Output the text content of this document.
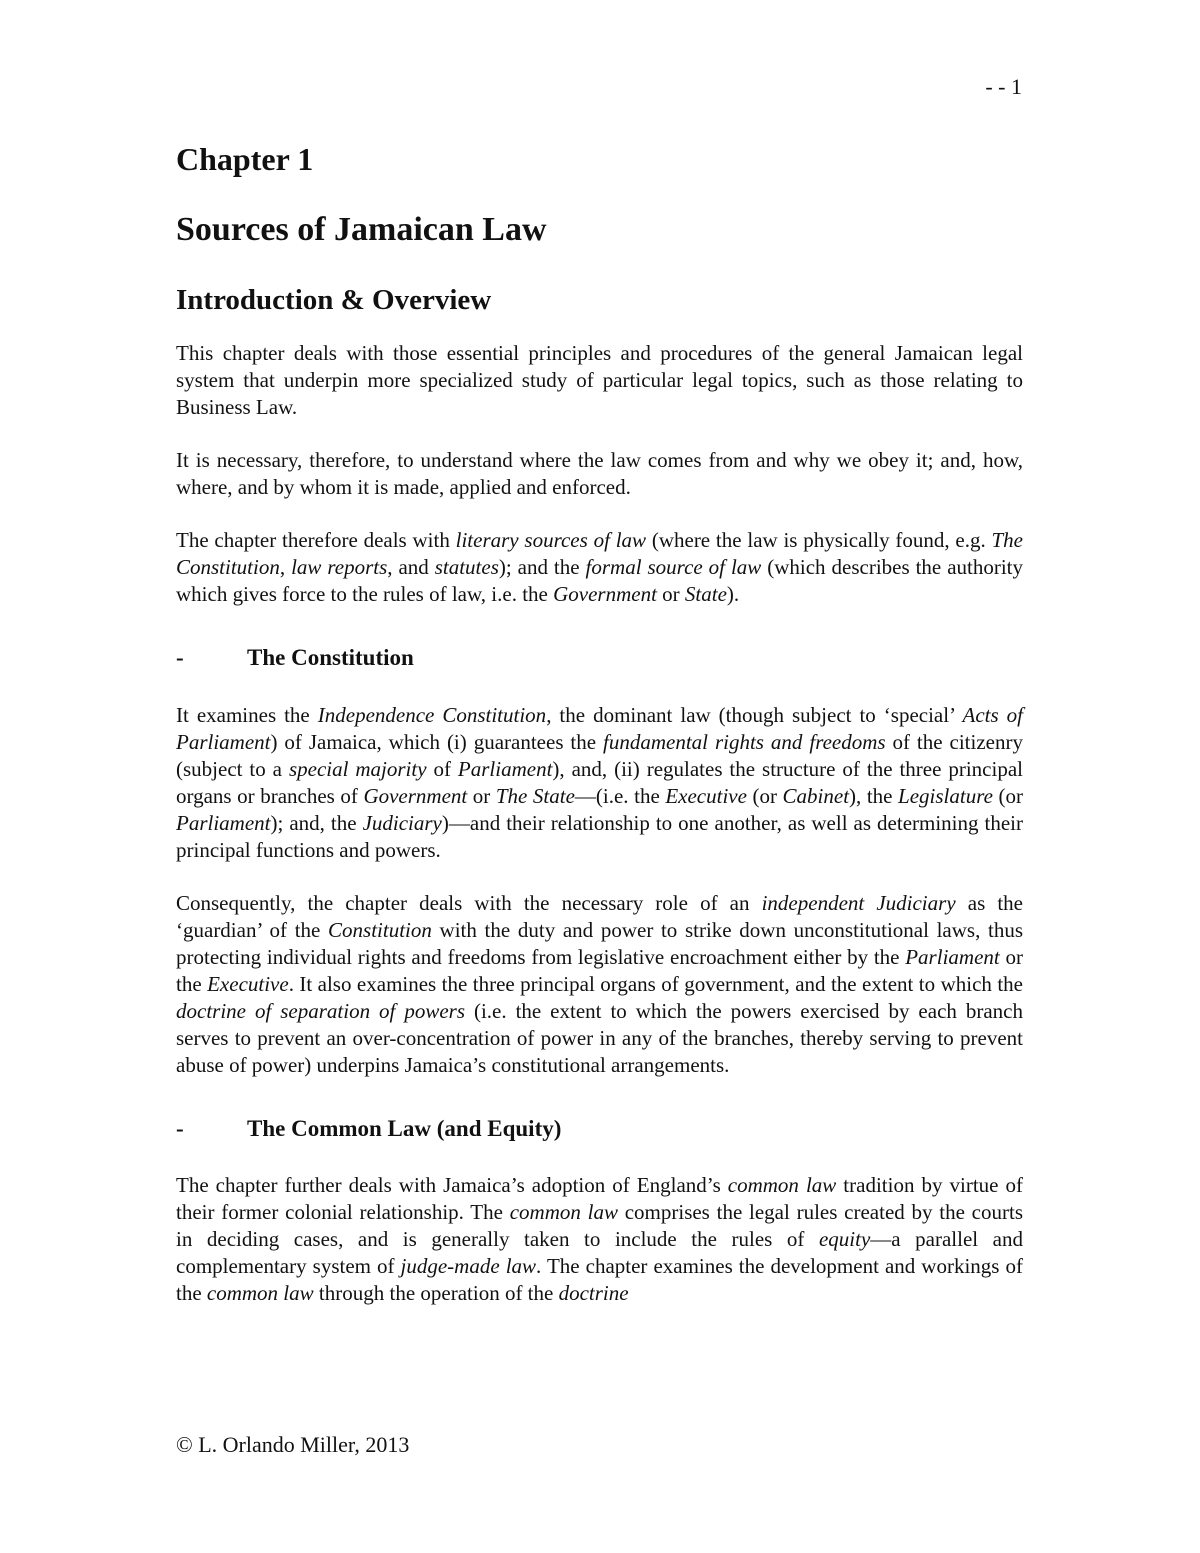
- - 1
Chapter 1
Sources of Jamaican Law
Introduction & Overview

This chapter deals with those essential principles and procedures of the general Jamaican legal system that underpin more specialized study of particular legal topics, such as those relating to Business Law.

It is necessary, therefore, to understand where the law comes from and why we obey it; and, how, where, and by whom it is made, applied and enforced.

The chapter therefore deals with literary sources of law (where the law is physically found, e.g. The Constitution, law reports, and statutes); and the formal source of law (which describes the authority which gives force to the rules of law, i.e. the Government or State).

-	The Constitution

It examines the Independence Constitution, the dominant law (though subject to ‘special’ Acts of Parliament) of Jamaica, which (i) guarantees the fundamental rights and freedoms of the citizenry (subject to a special majority of Parliament), and, (ii) regulates the structure of the three principal organs or branches of Government or The State—(i.e. the Executive (or Cabinet), the Legislature (or Parliament); and, the Judiciary)—and their relationship to one another, as well as determining their principal functions and powers.

Consequently, the chapter deals with the necessary role of an independent Judiciary as the ‘guardian’ of the Constitution with the duty and power to strike down unconstitutional laws, thus protecting individual rights and freedoms from legislative encroachment either by the Parliament or the Executive. It also examines the three principal organs of government, and the extent to which the doctrine of separation of powers (i.e. the extent to which the powers exercised by each branch serves to prevent an over-concentration of power in any of the branches, thereby serving to prevent abuse of power) underpins Jamaica’s constitutional arrangements.

-	The Common Law (and Equity)

The chapter further deals with Jamaica’s adoption of England’s common law tradition by virtue of their former colonial relationship. The common law comprises the legal rules created by the courts in deciding cases, and is generally taken to include the rules of equity—a parallel and complementary system of judge-made law. The chapter examines the development and workings of the common law through the operation of the doctrine

© L. Orlando Miller, 2013
